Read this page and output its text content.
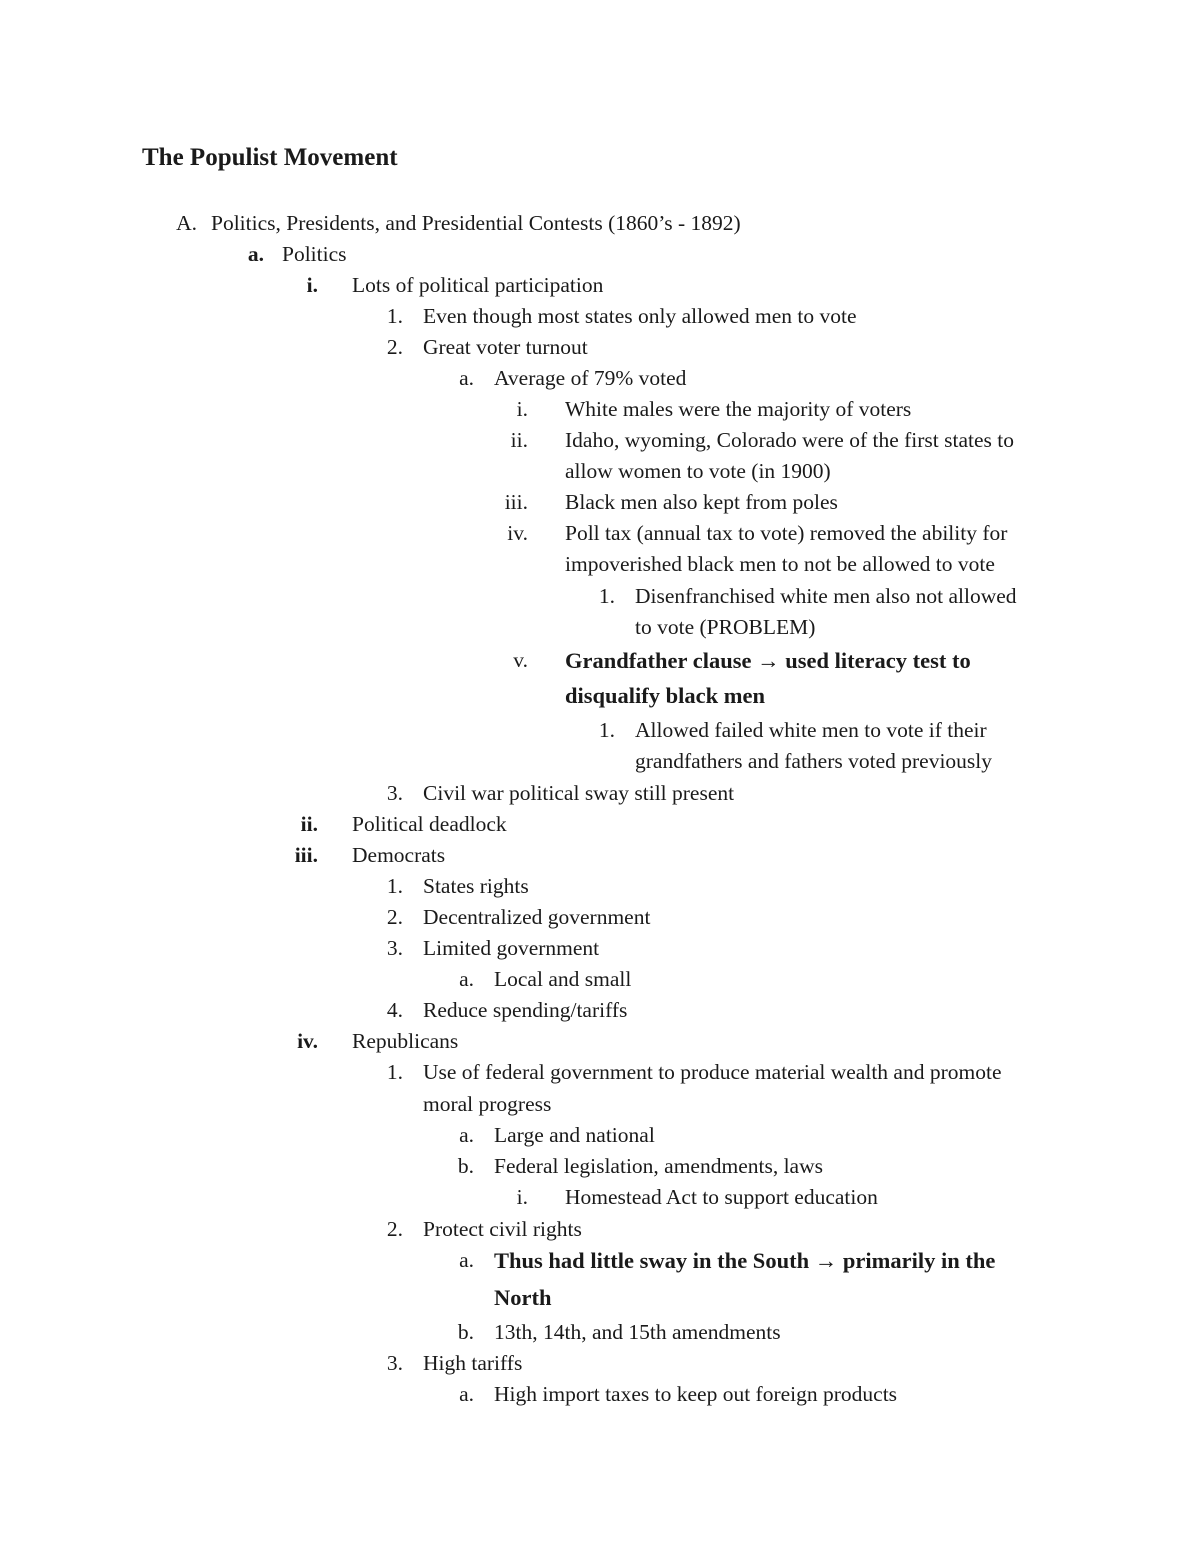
The Populist Movement
A. Politics, Presidents, and Presidential Contests (1860’s - 1892)
a. Politics
i. Lots of political participation
1. Even though most states only allowed men to vote
2. Great voter turnout
a. Average of 79% voted
i. White males were the majority of voters
ii. Idaho, wyoming, Colorado were of the first states to
allow women to vote (in 1900)
iii. Black men also kept from poles
iv. Poll tax (annual tax to vote) removed the ability for
impoverished black men to not be allowed to vote
1. Disenfranchised white men also not allowed
to vote (PROBLEM)
v. Grandfather clause → used literacy test to
disqualify black men
1. Allowed failed white men to vote if their
grandfathers and fathers voted previously
3. Civil war political sway still present
ii. Political deadlock
iii. Democrats
1. States rights
2. Decentralized government
3. Limited government
a. Local and small
4. Reduce spending/tariffs
iv. Republicans
1. Use of federal government to produce material wealth and promote
moral progress
a. Large and national
b. Federal legislation, amendments, laws
i. Homestead Act to support education
2. Protect civil rights
a. Thus had little sway in the South → primarily in the
North
b. 13th, 14th, and 15th amendments
3. High tariffs
a. High import taxes to keep out foreign products
